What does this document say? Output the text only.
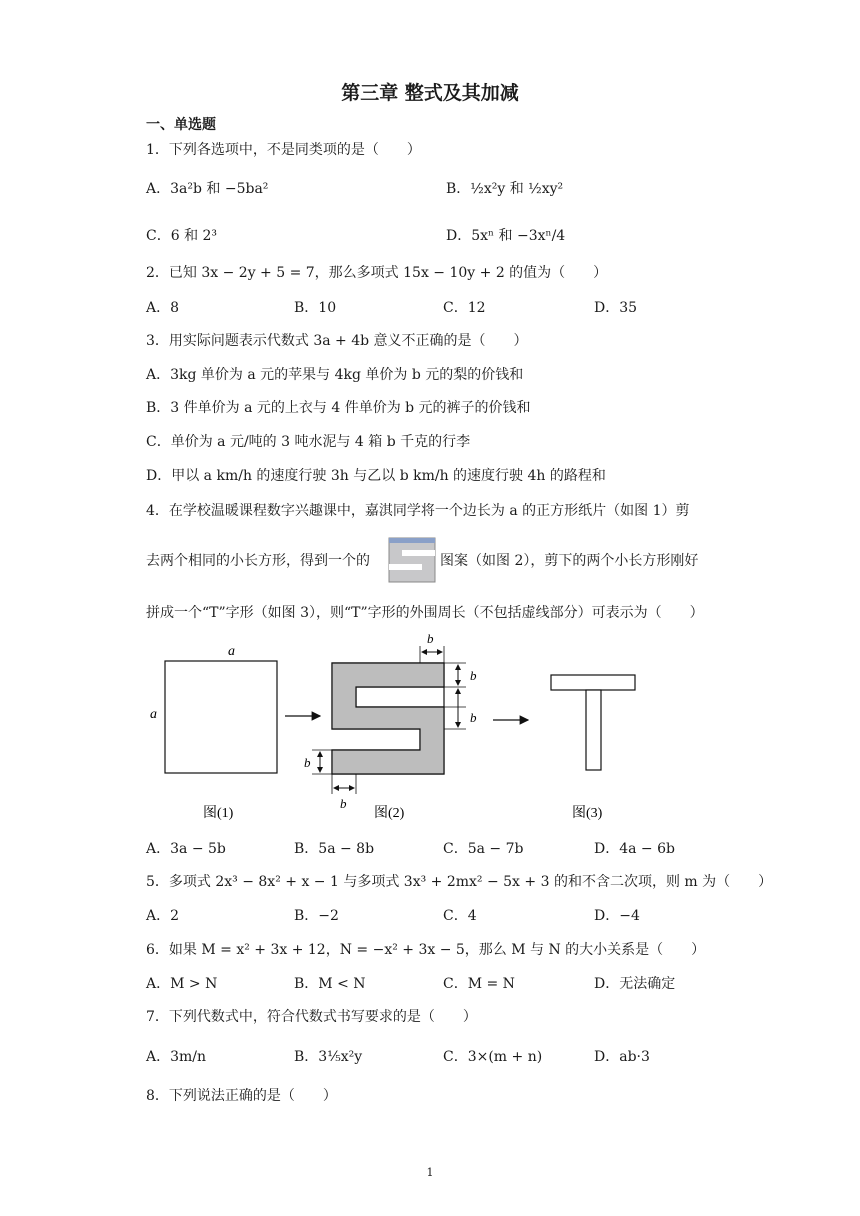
第三章 整式及其加减
一、单选题
1．下列各选项中，不是同类项的是（　　）
A．3a²b 和 −5ba²	B．½x²y 和 ½xy²
C．6 和 2³	D．5xⁿ 和 −3xⁿ/4
2．已知 3x − 2y + 5 = 7，那么多项式 15x − 10y + 2 的值为（　　）
A．8	B．10	C．12	D．35
3．用实际问题表示代数式 3a + 4b 意义不正确的是（　　）
A．3kg 单价为 a 元的苹果与 4kg 单价为 b 元的梨的价钱和
B．3 件单价为 a 元的上衣与 4 件单价为 b 元的裤子的价钱和
C．单价为 a 元/吨的 3 吨水泥与 4 箱 b 千克的行李
D．甲以 a km/h 的速度行驶 3h 与乙以 b km/h 的速度行驶 4h 的路程和
4．在学校温暖课程数字兴趣课中，嘉淇同学将一个边长为 a 的正方形纸片（如图 1）剪
去两个相同的小长方形，得到一个的	图案（如图 2），剪下的两个小长方形刚好
拼成一个“T”字形（如图 3），则“T”字形的外围周长（不包括虚线部分）可表示为（　　）
a
a
b
b
b
b
b
图(1)	图(2)	图(3)
A．3a − 5b	B．5a − 8b	C．5a − 7b	D．4a − 6b
5．多项式 2x³ − 8x² + x − 1 与多项式 3x³ + 2mx² − 5x + 3 的和不含二次项，则 m 为（　　）
A．2	B．−2	C．4	D．−4
6．如果 M = x² + 3x + 12，N = −x² + 3x − 5，那么 M 与 N 的大小关系是（　　）
A．M > N	B．M < N	C．M = N	D．无法确定
7．下列代数式中，符合代数式书写要求的是（　　）
A．3m/n	B．3⅕x²y	C．3×(m + n)	D．ab·3
8．下列说法正确的是（　　）
1
